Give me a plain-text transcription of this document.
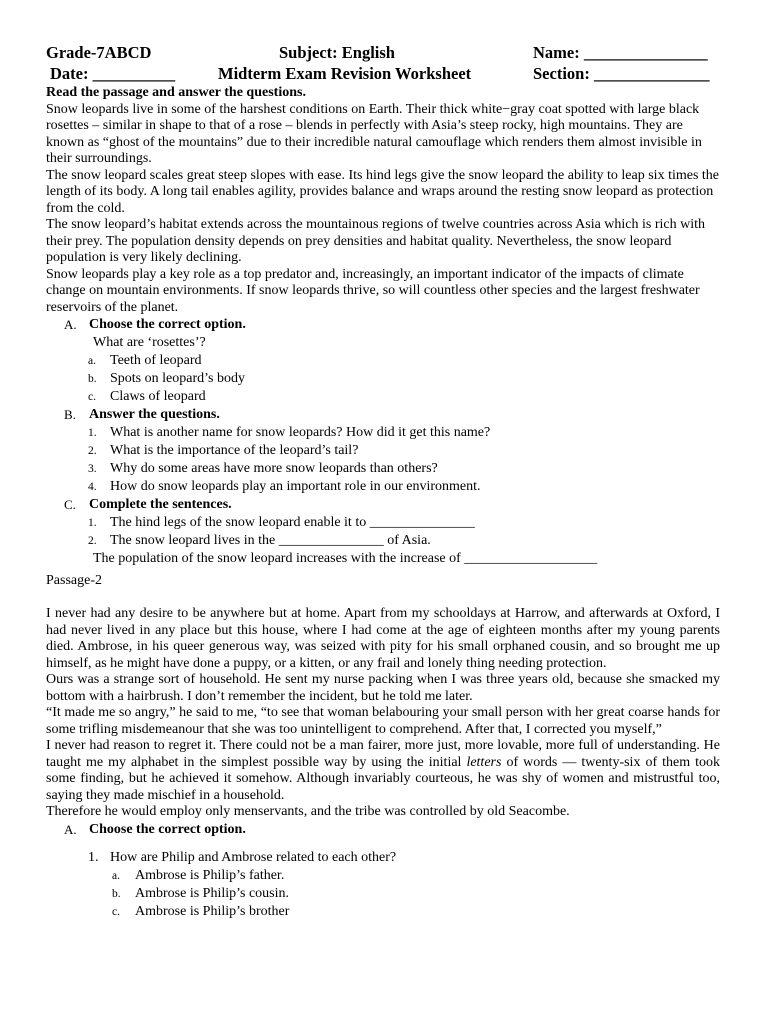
Grade-7ABCD	Subject: English	Name: _______________
Date: __________	Midterm Exam Revision Worksheet	Section: ______________

Read the passage and answer the questions.

Snow leopards live in some of the harshest conditions on Earth. Their thick white−gray coat spotted with large black rosettes – similar in shape to that of a rose – blends in perfectly with Asia’s steep rocky, high mountains. They are known as “ghost of the mountains” due to their incredible natural camouflage which renders them almost invisible in their surroundings.

The snow leopard scales great steep slopes with ease. Its hind legs give the snow leopard the ability to leap six times the length of its body. A long tail enables agility, provides balance and wraps around the resting snow leopard as protection from the cold.

The snow leopard’s habitat extends across the mountainous regions of twelve countries across Asia which is rich with their prey. The population density depends on prey densities and habitat quality. Nevertheless, the snow leopard population is very likely declining.

Snow leopards play a key role as a top predator and, increasingly, an important indicator of the impacts of climate change on mountain environments. If snow leopards thrive, so will countless other species and the largest freshwater reservoirs of the planet.

A. Choose the correct option.
What are ‘rosettes’?
a. Teeth of leopard
b. Spots on leopard’s body
c. Claws of leopard
B. Answer the questions.
1. What is another name for snow leopards? How did it get this name?
2. What is the importance of the leopard’s tail?
3. Why do some areas have more snow leopards than others?
4. How do snow leopards play an important role in our environment.
C. Complete the sentences.
1. The hind legs of the snow leopard enable it to _______________
2. The snow leopard lives in the _______________ of Asia.
The population of the snow leopard increases with the increase of ___________________
Passage-2

I never had any desire to be anywhere but at home. Apart from my schooldays at Harrow, and afterwards at Oxford, I had never lived in any place but this house, where I had come at the age of eighteen months after my young parents died. Ambrose, in his queer generous way, was seized with pity for his small orphaned cousin, and so brought me up himself, as he might have done a puppy, or a kitten, or any frail and lonely thing needing protection.

Ours was a strange sort of household. He sent my nurse packing when I was three years old, because she smacked my bottom with a hairbrush. I don’t remember the incident, but he told me later.

“It made me so angry,” he said to me, “to see that woman belabouring your small person with her great coarse hands for some trifling misdemeanour that she was too unintelligent to comprehend. After that, I corrected you myself,”

I never had reason to regret it. There could not be a man fairer, more just, more lovable, more full of understanding. He taught me my alphabet in the simplest possible way by using the initial letters of words — twenty-six of them took some finding, but he achieved it somehow. Although invariably courteous, he was shy of women and mistrustful too, saying they made mischief in a household.

Therefore he would employ only menservants, and the tribe was controlled by old Seacombe.

A. Choose the correct option.
1. How are Philip and Ambrose related to each other?
a. Ambrose is Philip’s father.
b. Ambrose is Philip’s cousin.
c. Ambrose is Philip’s brother
